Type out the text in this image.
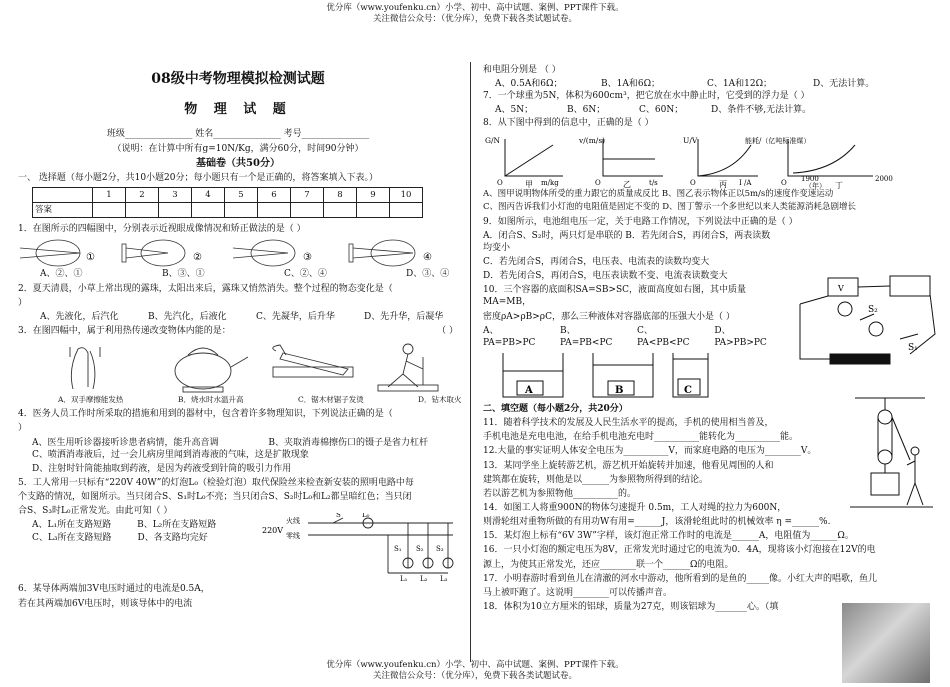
优分库（www.youfenku.cn）小学、初中、高中试题、案例、PPT课件下载。
关注微信公众号：（优分库），免费下载各类试题试卷。
08级中考物理模拟检测试题
物 理 试 题

班级_______________ 姓名_______________ 考号_______________

（说明：在计算中所有g=10N/Kg，满分60分，时间90分钟）

基础卷（共50分）

一、 选择题（每小题2分，共10小题20分；每小题只有一个是正确的，将答案填入下表。）

	1	2	3	4	5	6	7	8	9	10
答案										

1．在图所示的四幅图中，分别表示近视眼成像情况和矫正做法的是（ ）

①	②	③	④
A、②、①	B、③、①	C、②、④	D、③、④

2．夏天清晨，小草上常出现的露珠，太阳出来后，露珠又悄然消失。整个过程的物态变化是（

）

A、先液化，后汽化	B、先汽化，后液化	C、先凝华，后升华	D、先升华，后凝华

3．在图四幅中，属于利用热传递改变物体内能的是：	（ ）

A．双手摩擦能发热	B．烧水时水温升高	C．锯木材锯子发烫	D．钻木取火

4．医务人员工作时所采取的措施和用到的器材中，包含着许多物理知识，下列说法正确的是（

）

A、医生用听诊器接听诊患者病情，能升高音调	B、夹取消毒棉擦伤口的镊子是省力杠杆

C、喷洒消毒液后，过一会儿病房里闻到消毒液的气味，这是扩散现象

D、注射时针筒能抽取到药液，是因为药液受到针筒的吸引力作用

5．工人常用一只标有“220V 40W”的灯泡L₀（检验灯泡）取代保险丝来检查新安装的照明电路中每

个支路的情况，如图所示。当只闭合S、S₁时L₀不亮；当只闭合S、S₂时L₀和L₂都呈暗红色；当只闭

合S、S₃时L₀正常发光。由此可知（ ）

A、L₁所在支路短路	B、L₂所在支路短路
C、L₃所在支路短路	D、各支路均完好
220V
火线
零线
S	L₀
S₁ S₂ S₃
L₁ L₂ L₃

6．某导体两端加3V电压时通过的电流是0.5A，

若在其两端加6V电压时，则该导体中的电流

和电阻分别是 （ ）

A、0.5A和6Ω；	B、1A和6Ω；	C、1A和12Ω；	D、无法计算。

7．一个球重为5N，体积为600cm³，把它放在水中静止时，它受到的浮力是（ ）

A、5N；	B、6N；	C、60N；	D、条件不够,无法计算。

8．从下图中得到的信息中，正确的是（ ）

G/N
m/kg
O	甲
v/(m/s)
O	t/s
乙
U/V
O	I /A
丙
能耗/（亿吨标准煤）
O 1900	2000
（年） 丁

A、图甲说明物体所受的重力跟它的质量成反比 B、图乙表示物体正以5m/s的速度作变速运动

C、图丙告诉我们小灯泡的电阻值是固定不变的 D、图丁警示一个多世纪以来人类能源消耗急剧增长

9．如图所示，电池组电压一定，关于电路工作情况，下列说法中正确的是（ ）

A．闭合S、S₂时，两只灯是串联的 B．若先闭合S，再闭合S，两表读数均变小

C．若先闭合S，再闭合S，电压表、电流表的读数均变大

D．若先闭合S，再闭合S，电压表读数不变、电流表读数变大

10．三个容器的底面积SA=SB>SC，液面高度如右图，其中质量MA=MB，

密度ρA>ρB>ρC，那么三种液体对容器底部的压强大小是（ ）

A、PA=PB>PC
B、PA=PB<PC
C、PA<PB<PC
D、PA>PB>PC
A	B	C

二、填空题（每小题2分，共20分）

11．随着科学技术的发展及人民生活水平的提高，手机的使用相当普及，

手机电池是充电电池，在给手机电池充电时__________能转化为__________能。

12.大量的事实证明人体安全电压为__________V，而家庭电路的电压为________V。

13．某同学坐上旋转游艺机，游艺机开始旋转并加速，他看见周围的人和

建筑都在旋转，则他是以______为参照物所得到的结论。

若以游艺机为参照物他__________的。

14．如图工人将重900N的物体匀速提升 0.5m，工人对绳的拉力为600N，

则滑轮组对重物所做的有用功W有用=______J，该滑轮组此时的机械效率 η =______%.

15．某灯泡上标有“6V 3W”字样，该灯泡正常工作时的电流是______A，电阻值为______Ω。

16．一只小灯泡的额定电压为8V，正常发光时通过它的电流为0．4A，现将该小灯泡接在12V的电

源上，为使其正常发光，还应________联一个______Ω的电阻。

17．小明春游时看到鱼儿在清澈的河水中游动，他所看到的是鱼的_____像。小红大声的唱歌，鱼儿

马上被吓跑了。这说明________可以传播声音。

18．体积为10立方厘米的铝球，质量为27克，则该铝球为_______心。（填

V
S₁
S₂
优分库（www.youfenku.cn）小学、初中、高中试题、案例、PPT课件下载。
关注微信公众号：（优分库），免费下载各类试题试卷。
